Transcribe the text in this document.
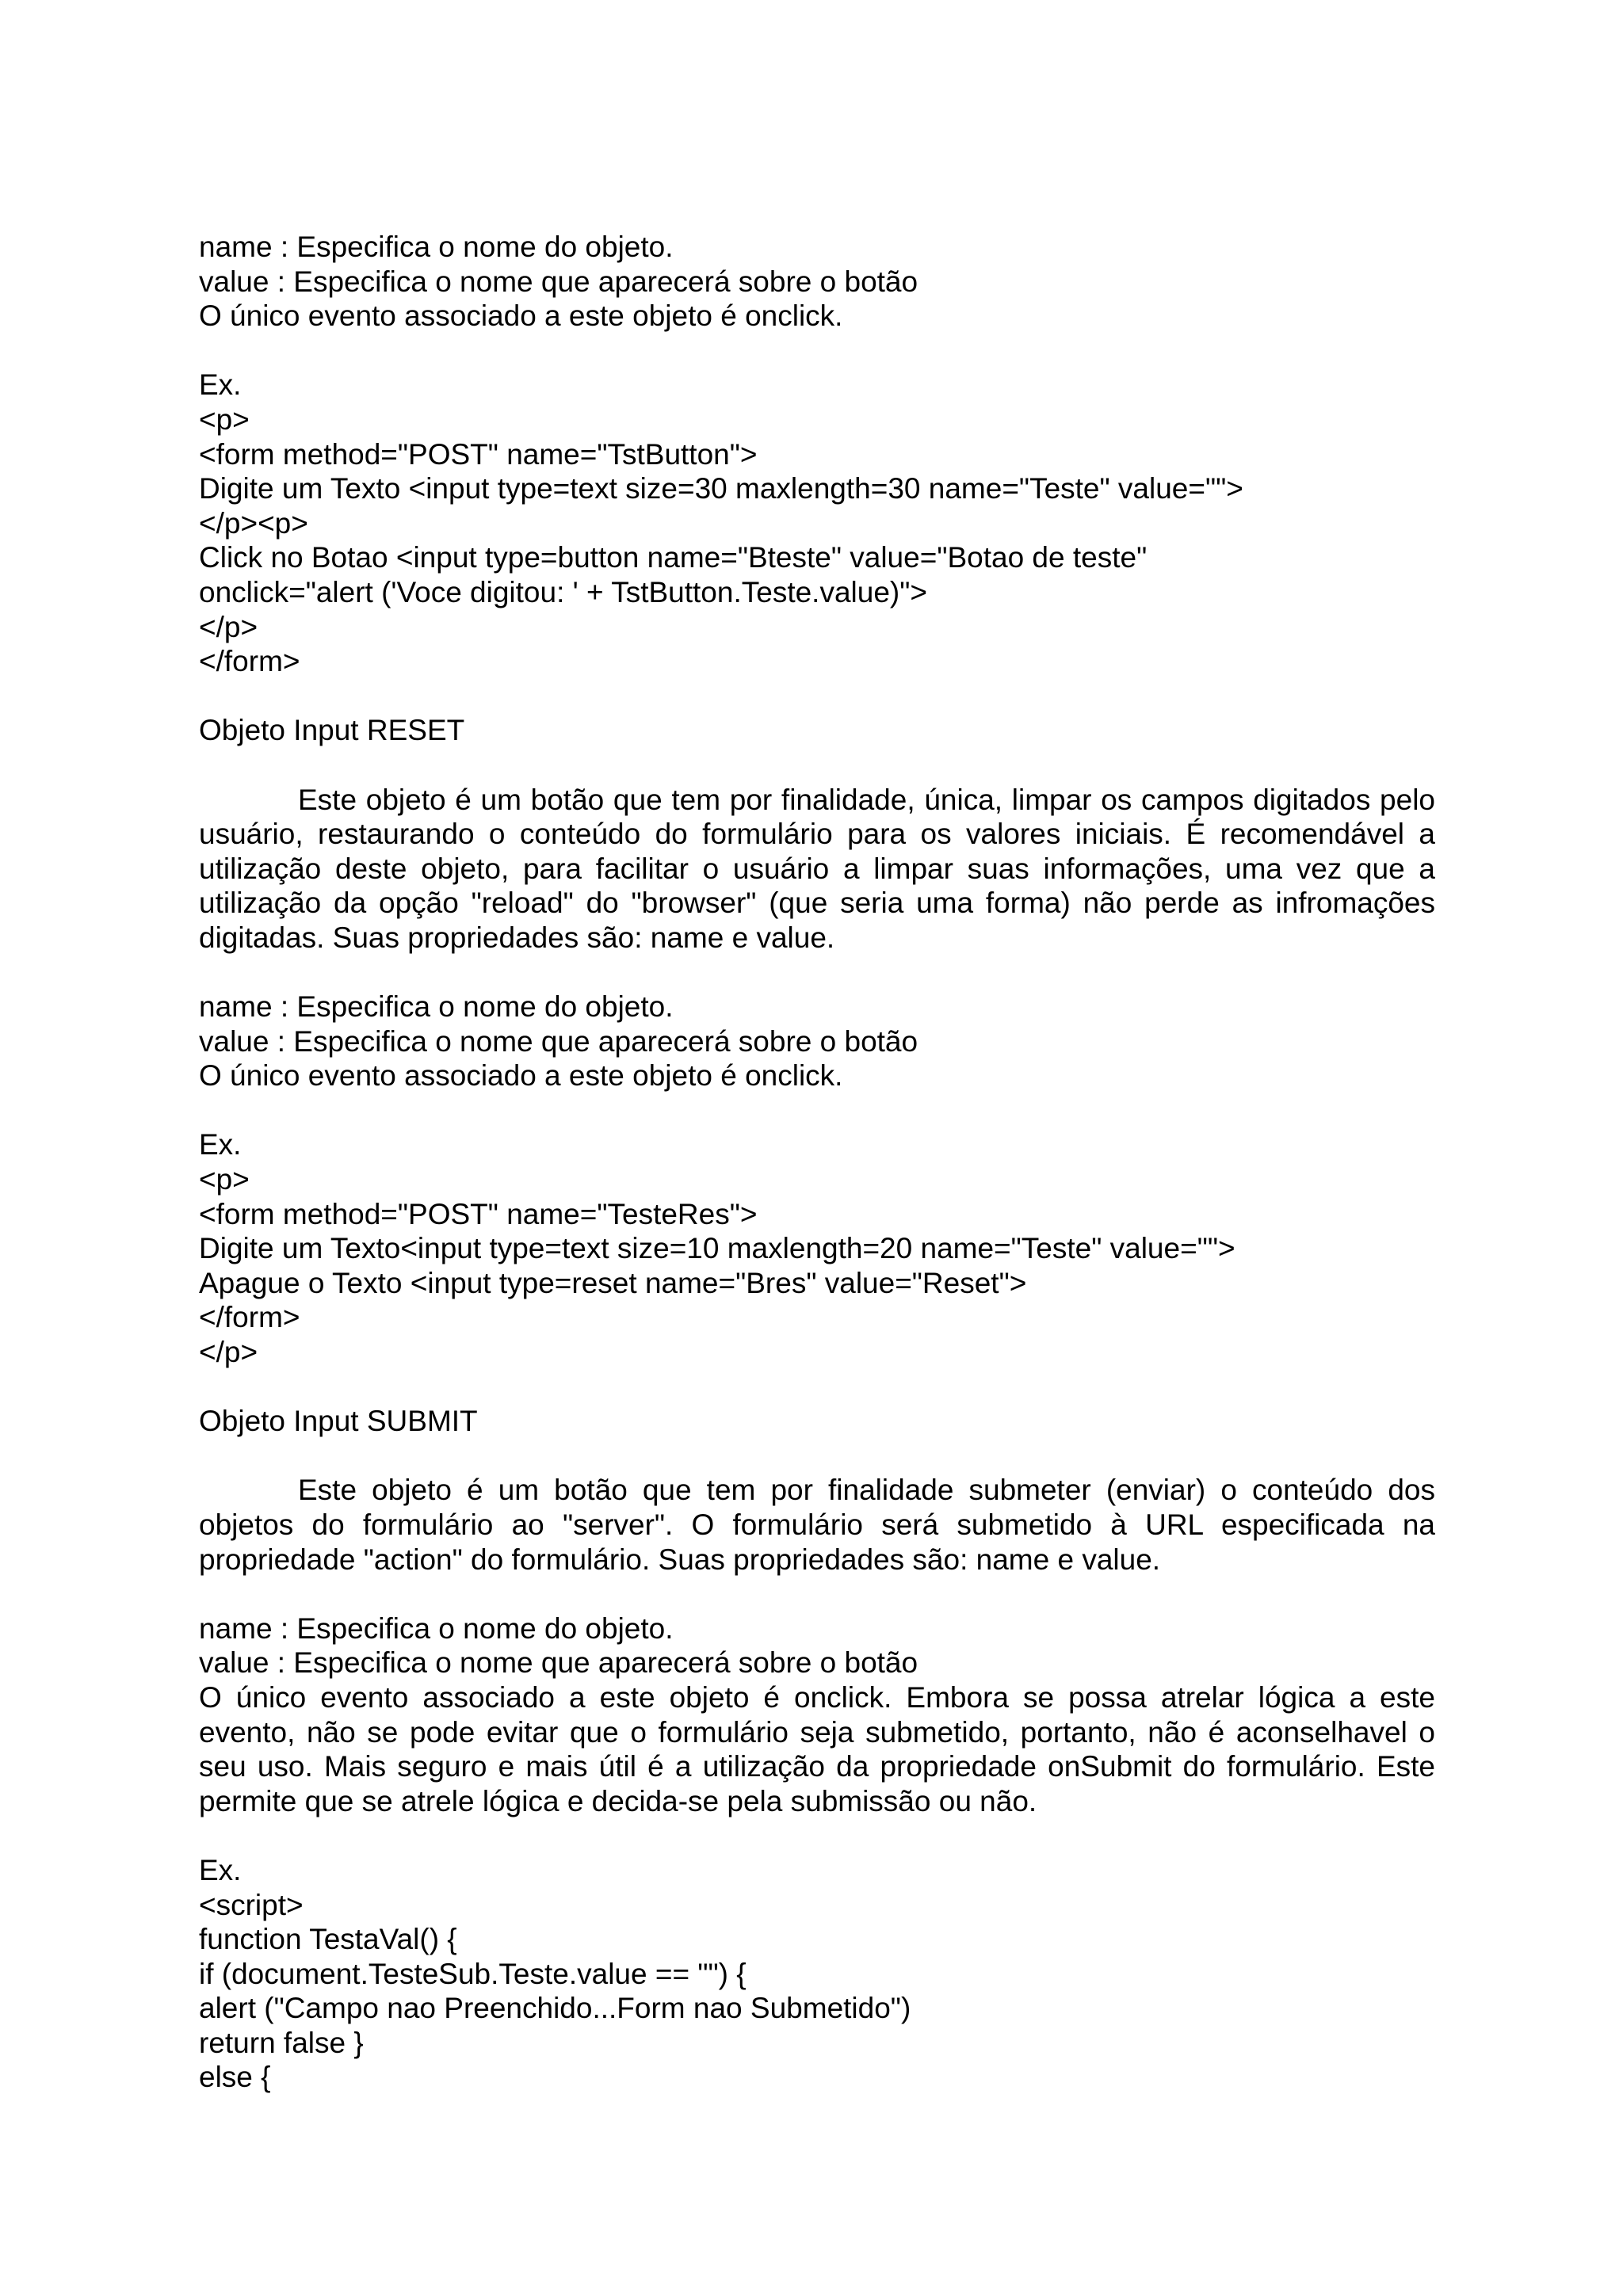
name : Especifica o nome do objeto.
value : Especifica o nome que aparecerá sobre o botão
O único evento associado a este objeto é onclick.
Ex.
<p>
<form method="POST" name="TstButton">
Digite um Texto <input type=text size=30 maxlength=30 name="Teste" value="">
</p><p>
Click no Botao <input type=button name="Bteste" value="Botao de teste"
onclick="alert ('Voce digitou: ' + TstButton.Teste.value)">
</p>
</form>
Objeto Input RESET

Este objeto é um botão que tem por finalidade, única, limpar os campos digitados pelo usuário, restaurando o conteúdo do formulário para os valores iniciais. É recomendável a utilização deste objeto, para facilitar o usuário a limpar suas informações, uma vez que a utilização da opção "reload" do "browser" (que seria uma forma) não perde as infromações digitadas. Suas propriedades são: name e value.

name : Especifica o nome do objeto.
value : Especifica o nome que aparecerá sobre o botão
O único evento associado a este objeto é onclick.
Ex.
<p>
<form method="POST" name="TesteRes">
Digite um Texto<input type=text size=10 maxlength=20 name="Teste" value="">
Apague o Texto <input type=reset name="Bres" value="Reset">
</form>
</p>
Objeto Input SUBMIT

Este objeto é um botão que tem por finalidade submeter (enviar) o conteúdo dos objetos do formulário ao "server". O formulário será submetido à URL especificada na propriedade "action" do formulário. Suas propriedades são: name e value.

name : Especifica o nome do objeto.
value : Especifica o nome que aparecerá sobre o botão

O único evento associado a este objeto é onclick. Embora se possa atrelar lógica a este evento, não se pode evitar que o formulário seja submetido, portanto, não é aconselhavel o seu uso. Mais seguro e mais útil é a utilização da propriedade onSubmit do formulário. Este permite que se atrele lógica e decida-se pela submissão ou não.

Ex.
<script>
function TestaVal() {
if (document.TesteSub.Teste.value == "") {
alert ("Campo nao Preenchido...Form nao Submetido")
return false }
else {
